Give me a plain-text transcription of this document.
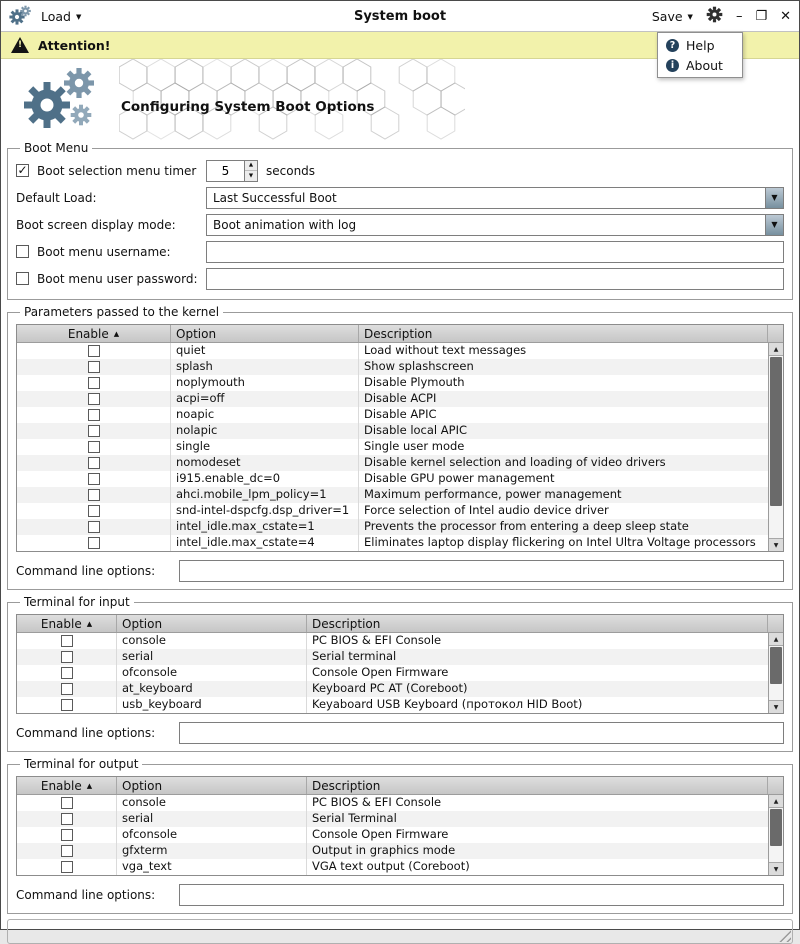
Load ▼	System boot	Save ▼	– ❐ ✕
! Attention!	? Help
i About
Configuring System Boot Options
Boot Menu
✓ Boot selection menu timer
5	▲
▼	seconds
Default Load:	Last Successful Boot	▼
Boot screen display mode:	Boot animation with log	▼
Boot menu username:
Boot menu user password:
Parameters passed to the kernel
Enable ▲	Option	Description
quiet	Load without text messages
splash	Show splashscreen
noplymouth	Disable Plymouth
acpi=off	Disable ACPI
noapic	Disable APIC
nolapic	Disable local APIC
single	Single user mode
nomodeset	Disable kernel selection and loading of video drivers
i915.enable_dc=0	Disable GPU power management
ahci.mobile_lpm_policy=1	Maximum performance, power management
snd-intel-dspcfg.dsp_driver=1	Force selection of Intel audio device driver
intel_idle.max_cstate=1	Prevents the processor from entering a deep sleep state
intel_idle.max_cstate=4	Eliminates laptop display flickering on Intel Ultra Voltage processors
▲
▼
Command line options:
Terminal for input
Enable ▲	Option	Description
console	PC BIOS & EFI Console
serial	Serial terminal
ofconsole	Console Open Firmware
at_keyboard	Keyboard PC AT (Coreboot)
usb_keyboard	Keyaboard USB Keyboard (протокол HID Boot)
▲
▼
Command line options:
Terminal for output
Enable ▲	Option	Description
console	PC BIOS & EFI Console
serial	Serial Terminal
ofconsole	Console Open Firmware
gfxterm	Output in graphics mode
vga_text	VGA text output (Coreboot)
▲
▼
Command line options:
